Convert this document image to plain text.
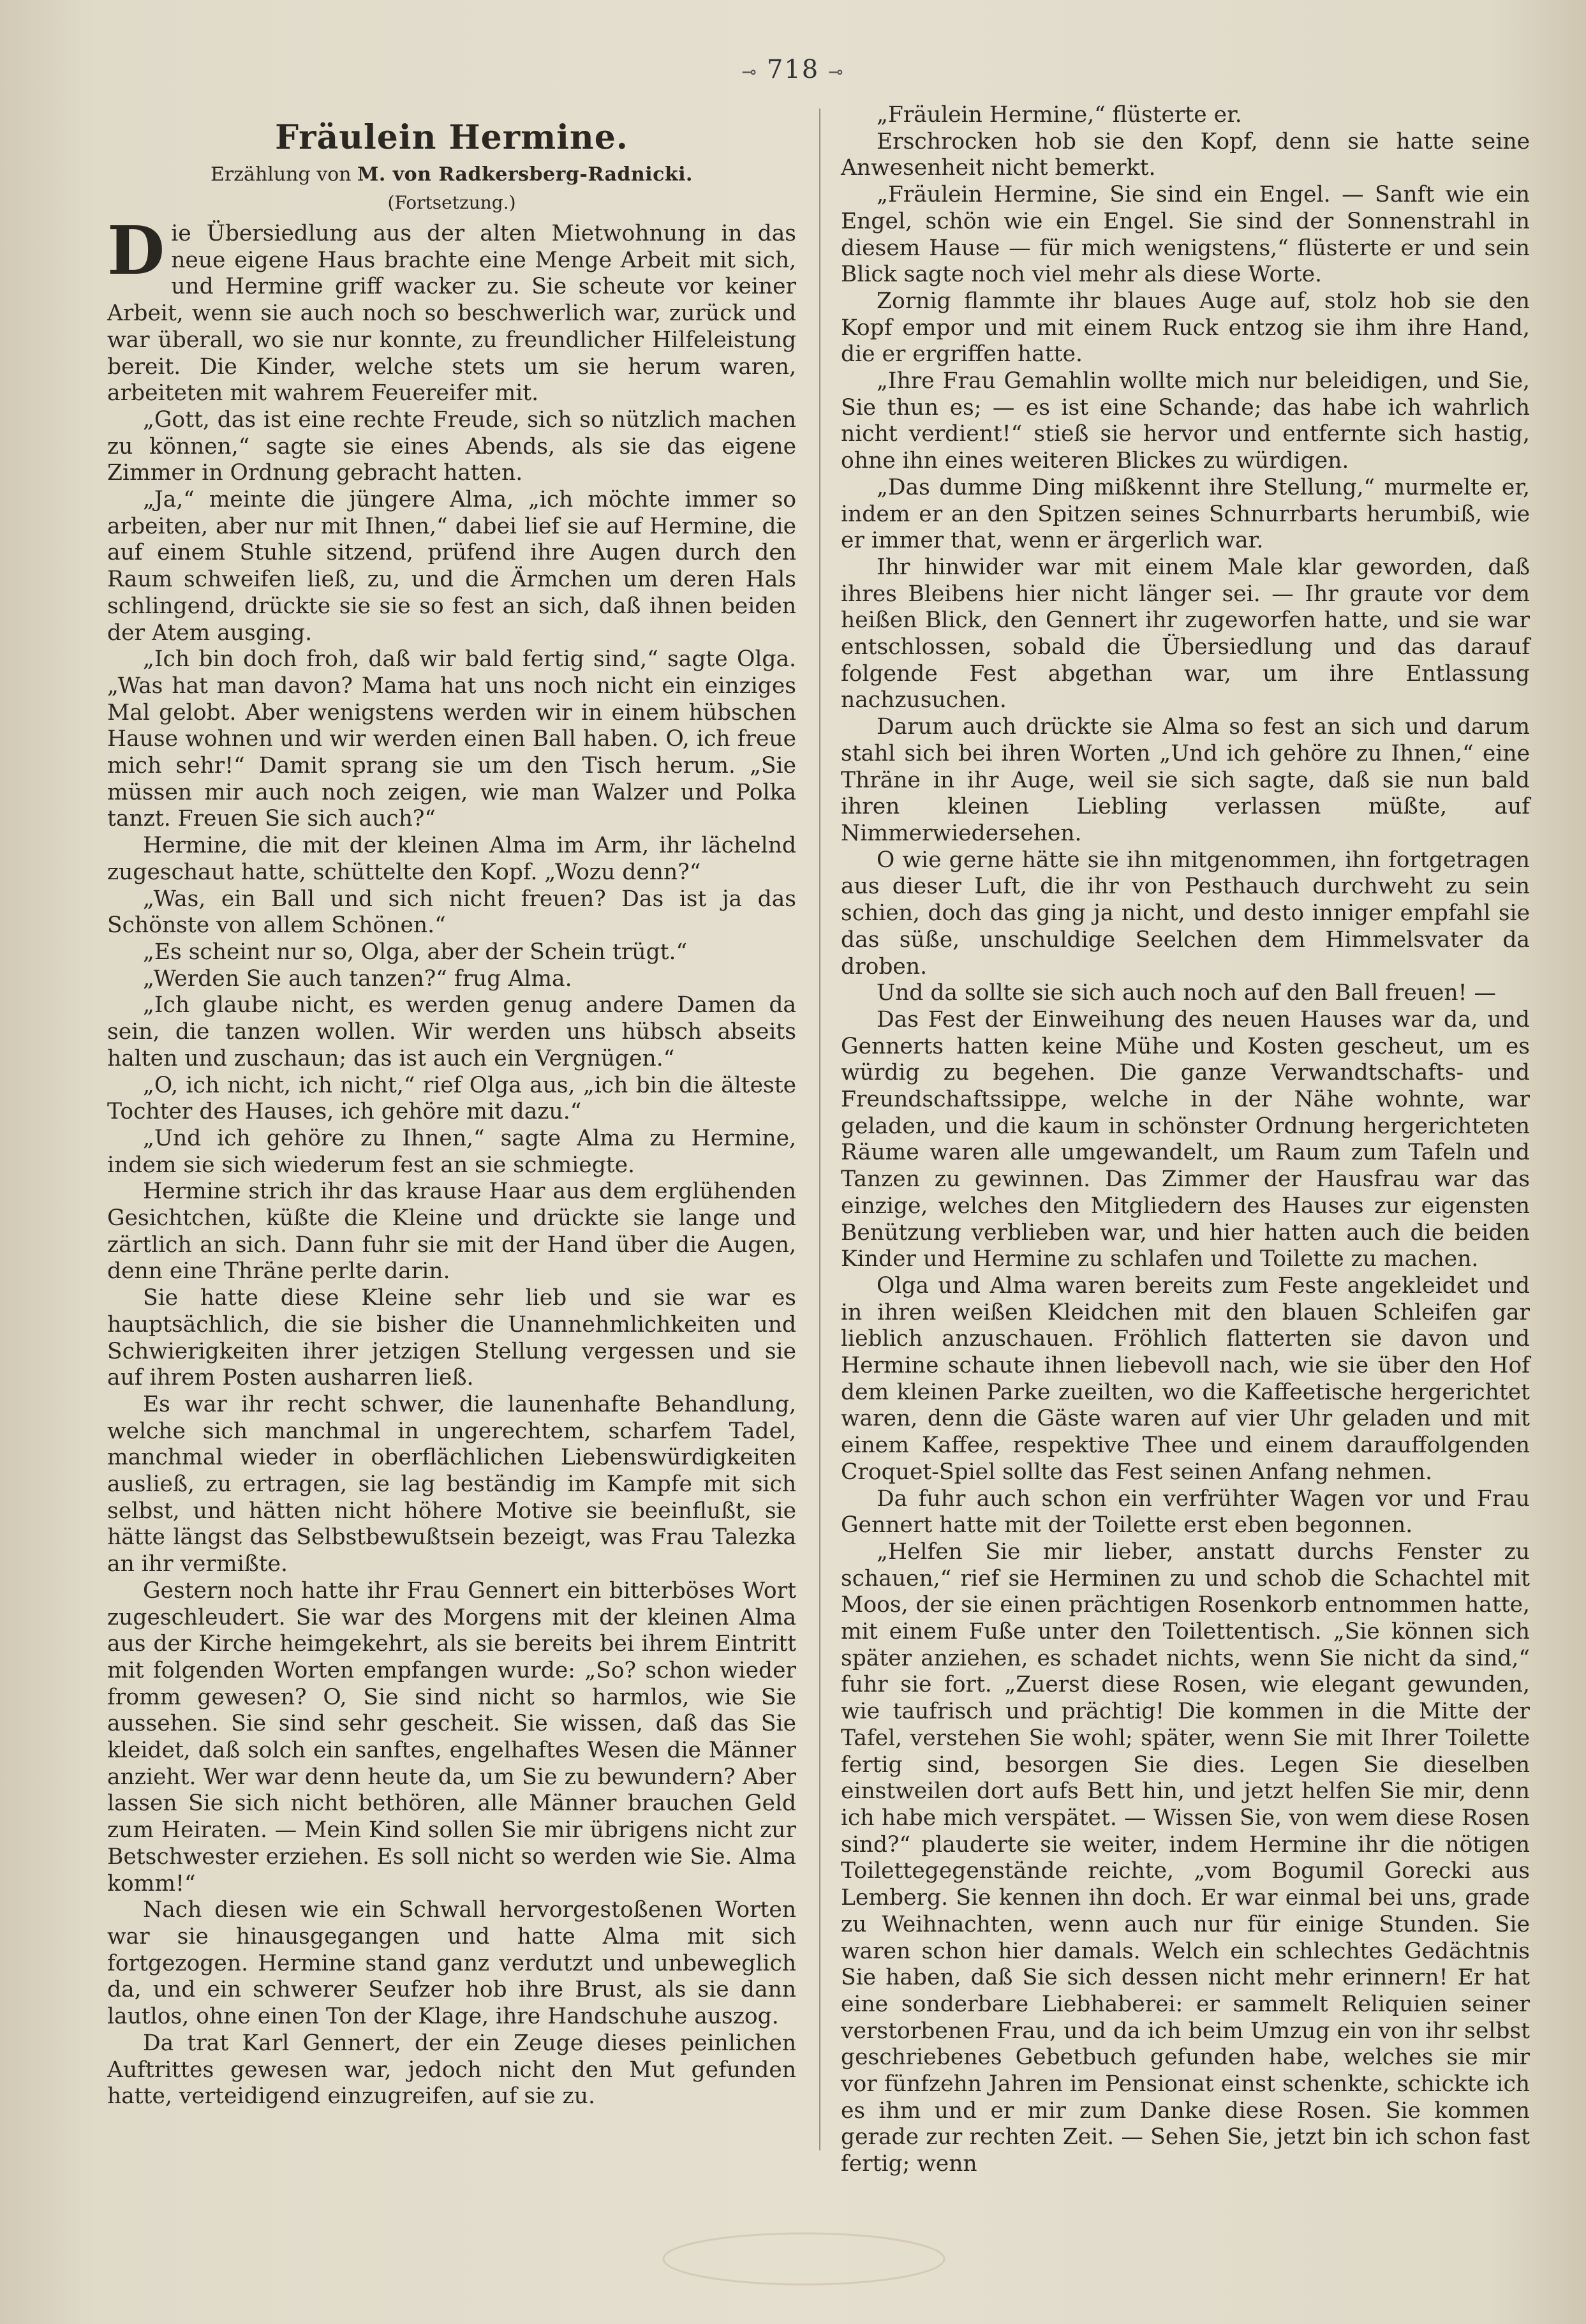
⊸ 718 ⊸
Fräulein Hermine.
Erzählung von M. von Radkersberg-Radnicki.
(Fortsetzung.)

Die Übersiedlung aus der alten Mietwohnung in das neue eigene Haus brachte eine Menge Arbeit mit sich, und Hermine griff wacker zu. Sie scheute vor keiner Arbeit, wenn sie auch noch so beschwerlich war, zurück und war überall, wo sie nur konnte, zu freundlicher Hilfeleistung bereit. Die Kinder, welche stets um sie herum waren, arbeiteten mit wahrem Feuereifer mit.

„Gott, das ist eine rechte Freude, sich so nützlich machen zu können,“ sagte sie eines Abends, als sie das eigene Zimmer in Ordnung gebracht hatten.

„Ja,“ meinte die jüngere Alma, „ich möchte immer so arbeiten, aber nur mit Ihnen,“ dabei lief sie auf Hermine, die auf einem Stuhle sitzend, prüfend ihre Augen durch den Raum schweifen ließ, zu, und die Ärmchen um deren Hals schlingend, drückte sie sie so fest an sich, daß ihnen beiden der Atem ausging.

„Ich bin doch froh, daß wir bald fertig sind,“ sagte Olga. „Was hat man davon? Mama hat uns noch nicht ein einziges Mal gelobt. Aber wenigstens werden wir in einem hübschen Hause wohnen und wir werden einen Ball haben. O, ich freue mich sehr!“ Damit sprang sie um den Tisch herum. „Sie müssen mir auch noch zeigen, wie man Walzer und Polka tanzt. Freuen Sie sich auch?“

Hermine, die mit der kleinen Alma im Arm, ihr lächelnd zugeschaut hatte, schüttelte den Kopf. „Wozu denn?“

„Was, ein Ball und sich nicht freuen? Das ist ja das Schönste von allem Schönen.“

„Es scheint nur so, Olga, aber der Schein trügt.“

„Werden Sie auch tanzen?“ frug Alma.

„Ich glaube nicht, es werden genug andere Damen da sein, die tanzen wollen. Wir werden uns hübsch abseits halten und zuschaun; das ist auch ein Vergnügen.“

„O, ich nicht, ich nicht,“ rief Olga aus, „ich bin die älteste Tochter des Hauses, ich gehöre mit dazu.“

„Und ich gehöre zu Ihnen,“ sagte Alma zu Hermine, indem sie sich wiederum fest an sie schmiegte.

Hermine strich ihr das krause Haar aus dem erglühenden Gesichtchen, küßte die Kleine und drückte sie lange und zärtlich an sich. Dann fuhr sie mit der Hand über die Augen, denn eine Thräne perlte darin.

Sie hatte diese Kleine sehr lieb und sie war es hauptsächlich, die sie bisher die Unannehmlichkeiten und Schwierigkeiten ihrer jetzigen Stellung vergessen und sie auf ihrem Posten ausharren ließ.

Es war ihr recht schwer, die launenhafte Behandlung, welche sich manchmal in ungerechtem, scharfem Tadel, manchmal wieder in oberflächlichen Liebenswürdigkeiten ausließ, zu ertragen, sie lag beständig im Kampfe mit sich selbst, und hätten nicht höhere Motive sie beeinflußt, sie hätte längst das Selbstbewußtsein bezeigt, was Frau Talezka an ihr vermißte.

Gestern noch hatte ihr Frau Gennert ein bitterböses Wort zugeschleudert. Sie war des Morgens mit der kleinen Alma aus der Kirche heimgekehrt, als sie bereits bei ihrem Eintritt mit folgenden Worten empfangen wurde: „So? schon wieder fromm gewesen? O, Sie sind nicht so harmlos, wie Sie aussehen. Sie sind sehr gescheit. Sie wissen, daß das Sie kleidet, daß solch ein sanftes, engelhaftes Wesen die Männer anzieht. Wer war denn heute da, um Sie zu bewundern? Aber lassen Sie sich nicht bethören, alle Männer brauchen Geld zum Heiraten. — Mein Kind sollen Sie mir übrigens nicht zur Betschwester erziehen. Es soll nicht so werden wie Sie. Alma komm!“

Nach diesen wie ein Schwall hervorgestoßenen Worten war sie hinausgegangen und hatte Alma mit sich fortgezogen. Hermine stand ganz verdutzt und unbeweglich da, und ein schwerer Seufzer hob ihre Brust, als sie dann lautlos, ohne einen Ton der Klage, ihre Handschuhe auszog.

Da trat Karl Gennert, der ein Zeuge dieses peinlichen Auftrittes gewesen war, jedoch nicht den Mut gefunden hatte, verteidigend einzugreifen, auf sie zu.

„Fräulein Hermine,“ flüsterte er.

Erschrocken hob sie den Kopf, denn sie hatte seine Anwesenheit nicht bemerkt.

„Fräulein Hermine, Sie sind ein Engel. — Sanft wie ein Engel, schön wie ein Engel. Sie sind der Sonnenstrahl in diesem Hause — für mich wenigstens,“ flüsterte er und sein Blick sagte noch viel mehr als diese Worte.

Zornig flammte ihr blaues Auge auf, stolz hob sie den Kopf empor und mit einem Ruck entzog sie ihm ihre Hand, die er ergriffen hatte.

„Ihre Frau Gemahlin wollte mich nur beleidigen, und Sie, Sie thun es; — es ist eine Schande; das habe ich wahrlich nicht verdient!“ stieß sie hervor und entfernte sich hastig, ohne ihn eines weiteren Blickes zu würdigen.

„Das dumme Ding mißkennt ihre Stellung,“ murmelte er, indem er an den Spitzen seines Schnurrbarts herumbiß, wie er immer that, wenn er ärgerlich war.

Ihr hinwider war mit einem Male klar geworden, daß ihres Bleibens hier nicht länger sei. — Ihr graute vor dem heißen Blick, den Gennert ihr zugeworfen hatte, und sie war entschlossen, sobald die Übersiedlung und das darauf folgende Fest abgethan war, um ihre Entlassung nachzusuchen.

Darum auch drückte sie Alma so fest an sich und darum stahl sich bei ihren Worten „Und ich gehöre zu Ihnen,“ eine Thräne in ihr Auge, weil sie sich sagte, daß sie nun bald ihren kleinen Liebling verlassen müßte, auf Nimmerwiedersehen.

O wie gerne hätte sie ihn mitgenommen, ihn fortgetragen aus dieser Luft, die ihr von Pesthauch durchweht zu sein schien, doch das ging ja nicht, und desto inniger empfahl sie das süße, unschuldige Seelchen dem Himmelsvater da droben.

Und da sollte sie sich auch noch auf den Ball freuen! —

Das Fest der Einweihung des neuen Hauses war da, und Gennerts hatten keine Mühe und Kosten gescheut, um es würdig zu begehen. Die ganze Verwandtschafts- und Freundschaftssippe, welche in der Nähe wohnte, war geladen, und die kaum in schönster Ordnung hergerichteten Räume waren alle umgewandelt, um Raum zum Tafeln und Tanzen zu gewinnen. Das Zimmer der Hausfrau war das einzige, welches den Mitgliedern des Hauses zur eigensten Benützung verblieben war, und hier hatten auch die beiden Kinder und Hermine zu schlafen und Toilette zu machen.

Olga und Alma waren bereits zum Feste angekleidet und in ihren weißen Kleidchen mit den blauen Schleifen gar lieblich anzuschauen. Fröhlich flatterten sie davon und Hermine schaute ihnen liebevoll nach, wie sie über den Hof dem kleinen Parke zueilten, wo die Kaffeetische hergerichtet waren, denn die Gäste waren auf vier Uhr geladen und mit einem Kaffee, respektive Thee und einem darauffolgenden Croquet-Spiel sollte das Fest seinen Anfang nehmen.

Da fuhr auch schon ein verfrühter Wagen vor und Frau Gennert hatte mit der Toilette erst eben begonnen.

„Helfen Sie mir lieber, anstatt durchs Fenster zu schauen,“ rief sie Herminen zu und schob die Schachtel mit Moos, der sie einen prächtigen Rosenkorb entnommen hatte, mit einem Fuße unter den Toilettentisch. „Sie können sich später anziehen, es schadet nichts, wenn Sie nicht da sind,“ fuhr sie fort. „Zuerst diese Rosen, wie elegant gewunden, wie taufrisch und prächtig! Die kommen in die Mitte der Tafel, verstehen Sie wohl; später, wenn Sie mit Ihrer Toilette fertig sind, besorgen Sie dies. Legen Sie dieselben einstweilen dort aufs Bett hin, und jetzt helfen Sie mir, denn ich habe mich verspätet. — Wissen Sie, von wem diese Rosen sind?“ plauderte sie weiter, indem Hermine ihr die nötigen Toilettegegenstände reichte, „vom Bogumil Gorecki aus Lemberg. Sie kennen ihn doch. Er war einmal bei uns, grade zu Weihnachten, wenn auch nur für einige Stunden. Sie waren schon hier damals. Welch ein schlechtes Gedächtnis Sie haben, daß Sie sich dessen nicht mehr erinnern! Er hat eine sonderbare Liebhaberei: er sammelt Reliquien seiner verstorbenen Frau, und da ich beim Umzug ein von ihr selbst geschriebenes Gebetbuch gefunden habe, welches sie mir vor fünfzehn Jahren im Pensionat einst schenkte, schickte ich es ihm und er mir zum Danke diese Rosen. Sie kommen gerade zur rechten Zeit. — Sehen Sie, jetzt bin ich schon fast fertig; wenn
